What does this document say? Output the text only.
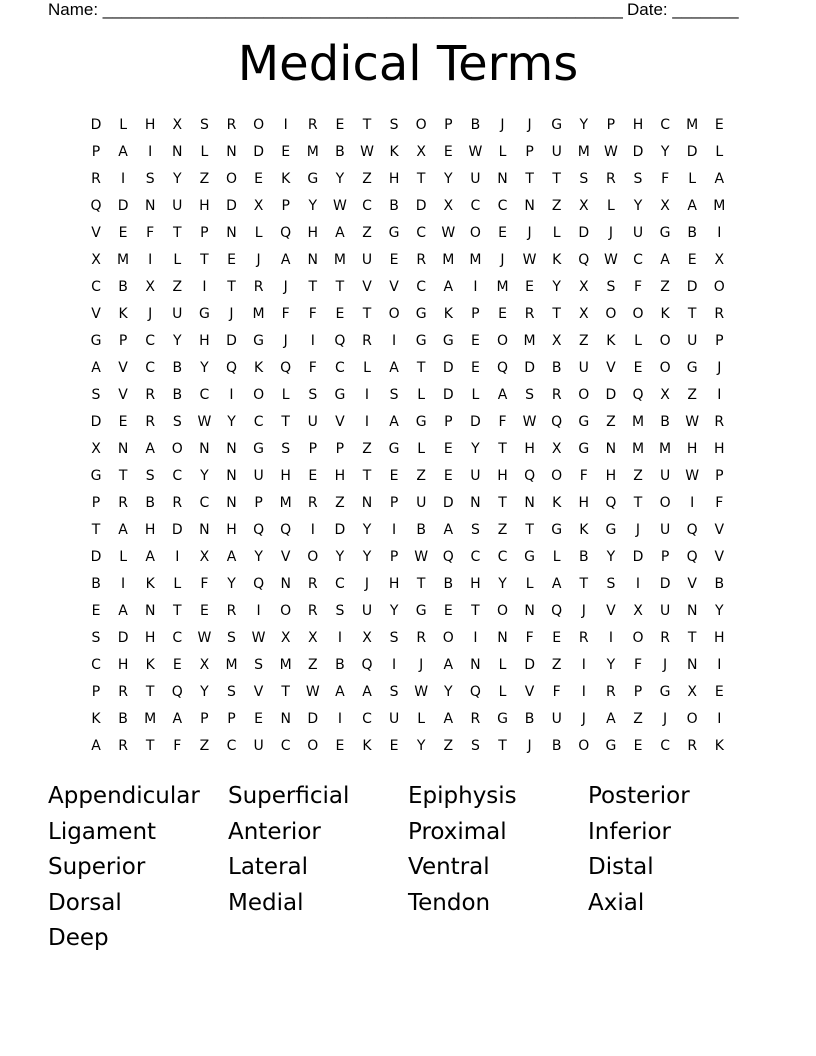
Name: _______________________________________________________ Date: _______
Medical Terms
D	L	H	X	S	R	O	I	R	E	T	S	O	P	B	J	J	G	Y	P	H	C	M	E
P	A	I	N	L	N	D	E	M	B	W	K	X	E	W	L	P	U	M	W	D	Y	D	L
R	I	S	Y	Z	O	E	K	G	Y	Z	H	T	Y	U	N	T	T	S	R	S	F	L	A
Q	D	N	U	H	D	X	P	Y	W	C	B	D	X	C	C	N	Z	X	L	Y	X	A	M
V	E	F	T	P	N	L	Q	H	A	Z	G	C	W	O	E	J	L	D	J	U	G	B	I
X	M	I	L	T	E	J	A	N	M	U	E	R	M	M	J	W	K	Q	W	C	A	E	X
C	B	X	Z	I	T	R	J	T	T	V	V	C	A	I	M	E	Y	X	S	F	Z	D	O
V	K	J	U	G	J	M	F	F	E	T	O	G	K	P	E	R	T	X	O	O	K	T	R
G	P	C	Y	H	D	G	J	I	Q	R	I	G	G	E	O	M	X	Z	K	L	O	U	P
A	V	C	B	Y	Q	K	Q	F	C	L	A	T	D	E	Q	D	B	U	V	E	O	G	J
S	V	R	B	C	I	O	L	S	G	I	S	L	D	L	A	S	R	O	D	Q	X	Z	I
D	E	R	S	W	Y	C	T	U	V	I	A	G	P	D	F	W	Q	G	Z	M	B	W	R
X	N	A	O	N	N	G	S	P	P	Z	G	L	E	Y	T	H	X	G	N	M	M	H	H
G	T	S	C	Y	N	U	H	E	H	T	E	Z	E	U	H	Q	O	F	H	Z	U	W	P
P	R	B	R	C	N	P	M	R	Z	N	P	U	D	N	T	N	K	H	Q	T	O	I	F
T	A	H	D	N	H	Q	Q	I	D	Y	I	B	A	S	Z	T	G	K	G	J	U	Q	V
D	L	A	I	X	A	Y	V	O	Y	Y	P	W	Q	C	C	G	L	B	Y	D	P	Q	V
B	I	K	L	F	Y	Q	N	R	C	J	H	T	B	H	Y	L	A	T	S	I	D	V	B
E	A	N	T	E	R	I	O	R	S	U	Y	G	E	T	O	N	Q	J	V	X	U	N	Y
S	D	H	C	W	S	W	X	X	I	X	S	R	O	I	N	F	E	R	I	O	R	T	H
C	H	K	E	X	M	S	M	Z	B	Q	I	J	A	N	L	D	Z	I	Y	F	J	N	I
P	R	T	Q	Y	S	V	T	W	A	A	S	W	Y	Q	L	V	F	I	R	P	G	X	E
K	B	M	A	P	P	E	N	D	I	C	U	L	A	R	G	B	U	J	A	Z	J	O	I
A	R	T	F	Z	C	U	C	O	E	K	E	Y	Z	S	T	J	B	O	G	E	C	R	K
Appendicular	Superficial	Epiphysis	Posterior
Ligament	Anterior	Proximal	Inferior
Superior	Lateral	Ventral	Distal
Dorsal	Medial	Tendon	Axial
Deep
